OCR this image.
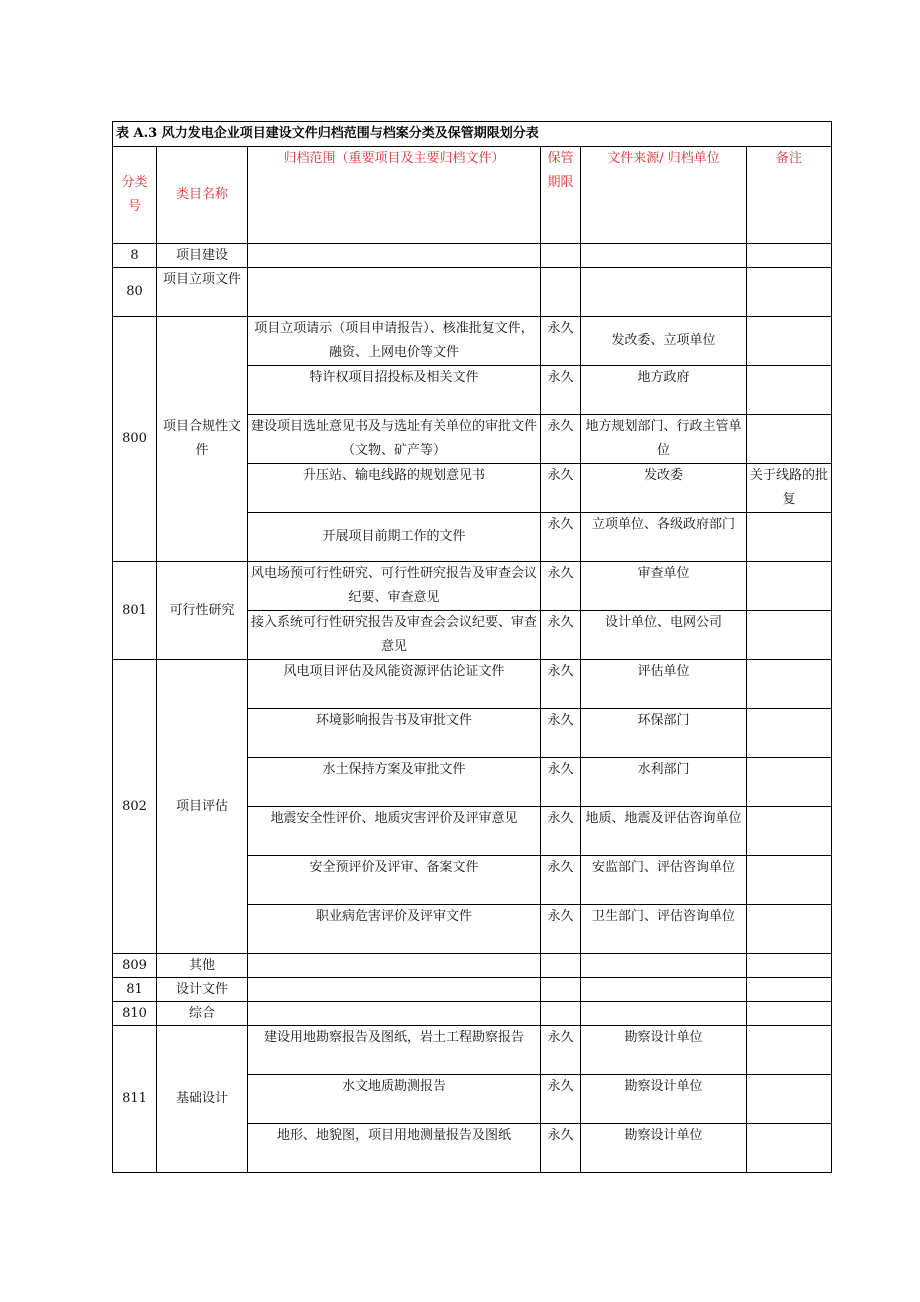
表 A.3 风力发电企业项目建设文件归档范围与档案分类及保管期限划分表					

分类号	类目名称	归档范围（重要项目及主要归档文件）	保管期限	文件来源/ 归档单位	备注

8	项目建设				
80	项目立项文件				
800	项目合规性文件	项目立项请示（项目申请报告）、核准批复文件，融资、上网电价等文件	永久	发改委、立项单位	
		特许权项目招投标及相关文件	永久	地方政府	
		建设项目选址意见书及与选址有关单位的审批文件（文物、矿产等）	永久	地方规划部门、行政主管单位	
		升压站、输电线路的规划意见书	永久	发改委	关于线路的批复
		开展项目前期工作的文件	永久	立项单位、各级政府部门	
801	可行性研究	风电场预可行性研究、可行性研究报告及审查会议纪要、审查意见	永久	审查单位	
		接入系统可行性研究报告及审查会会议纪要、审查意见	永久	设计单位、电网公司	
802	项目评估	风电项目评估及风能资源评估论证文件	永久	评估单位	
		环境影响报告书及审批文件	永久	环保部门	
		水土保持方案及审批文件	永久	水利部门	
		地震安全性评价、地质灾害评价及评审意见	永久	地质、地震及评估咨询单位	
		安全预评价及评审、备案文件	永久	安监部门、评估咨询单位	
		职业病危害评价及评审文件	永久	卫生部门、评估咨询单位	
809	其他				
81	设计文件				
810	综合				
811	基础设计	建设用地勘察报告及图纸，岩土工程勘察报告	永久	勘察设计单位	
		水文地质勘测报告	永久	勘察设计单位	
		地形、地貌图，项目用地测量报告及图纸	永久	勘察设计单位	
